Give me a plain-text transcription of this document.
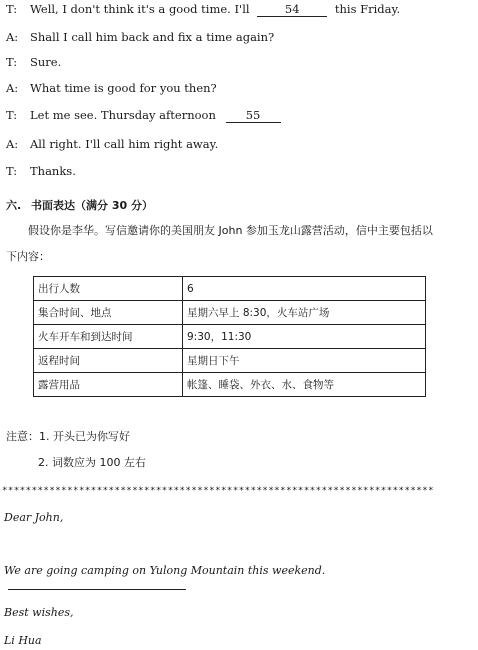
T: Well, I don't think it's a good time. I'll	54	this Friday.
A: Shall I call him back and fix a time again?
T: Sure.
A: What time is good for you then?
T: Let me see. Thursday afternoon	55
A: All right. I'll call him right away.
T: Thanks.
六. 书面表达（满分 30 分）
假设你是李华。写信邀请你的美国朋友 John 参加玉龙山露营活动，信中主要包括以
下内容：
出行人数	6
集合时间、地点	星期六早上 8:30，火车站广场
火车开车和到达时间	9:30，11:30
返程时间	星期日下午
露营用品	帐篷、睡袋、外衣、水、食物等
注意：1. 开头已为你写好
2. 词数应为 100 左右
*************************************************************************
Dear John,
We are going camping on Yulong Mountain this weekend.
Best wishes,
Li Hua
